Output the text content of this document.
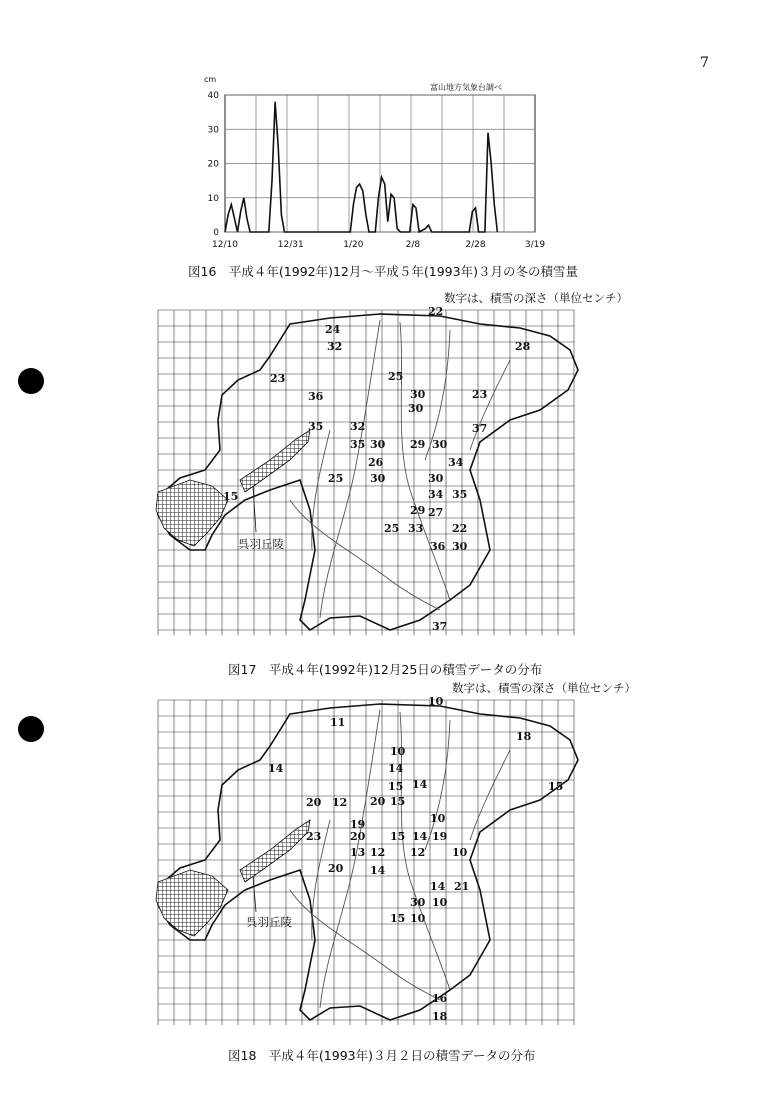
7
0
10
20
30
40
12/10	12/31	1/20	2/8	2/28	3/19
cm
富山地方気象台調べ
図16　平成４年(1992年)12月～平成５年(1993年)３月の冬の積雪量
数字は、積雪の深さ（単位センチ）
22
24
32	28
23	25
36	30	23
35 32
30
35 30 29 30
37
26
30
34
25	30
34 35
27
29
22
25 33
36 30
37
15
呉羽丘陵
図17　平成４年(1992年)12月25日の積雪データの分布
数字は、積雪の深さ（単位センチ）
10
11
10
18
14	14
15 14
15
20 12 20
23
19	10
20 15 14 19
13 12 12 10
20 14
14 21
30 10
15 10
16
18
15
呉羽丘陵
図18　平成４年(1993年)３月２日の積雪データの分布
